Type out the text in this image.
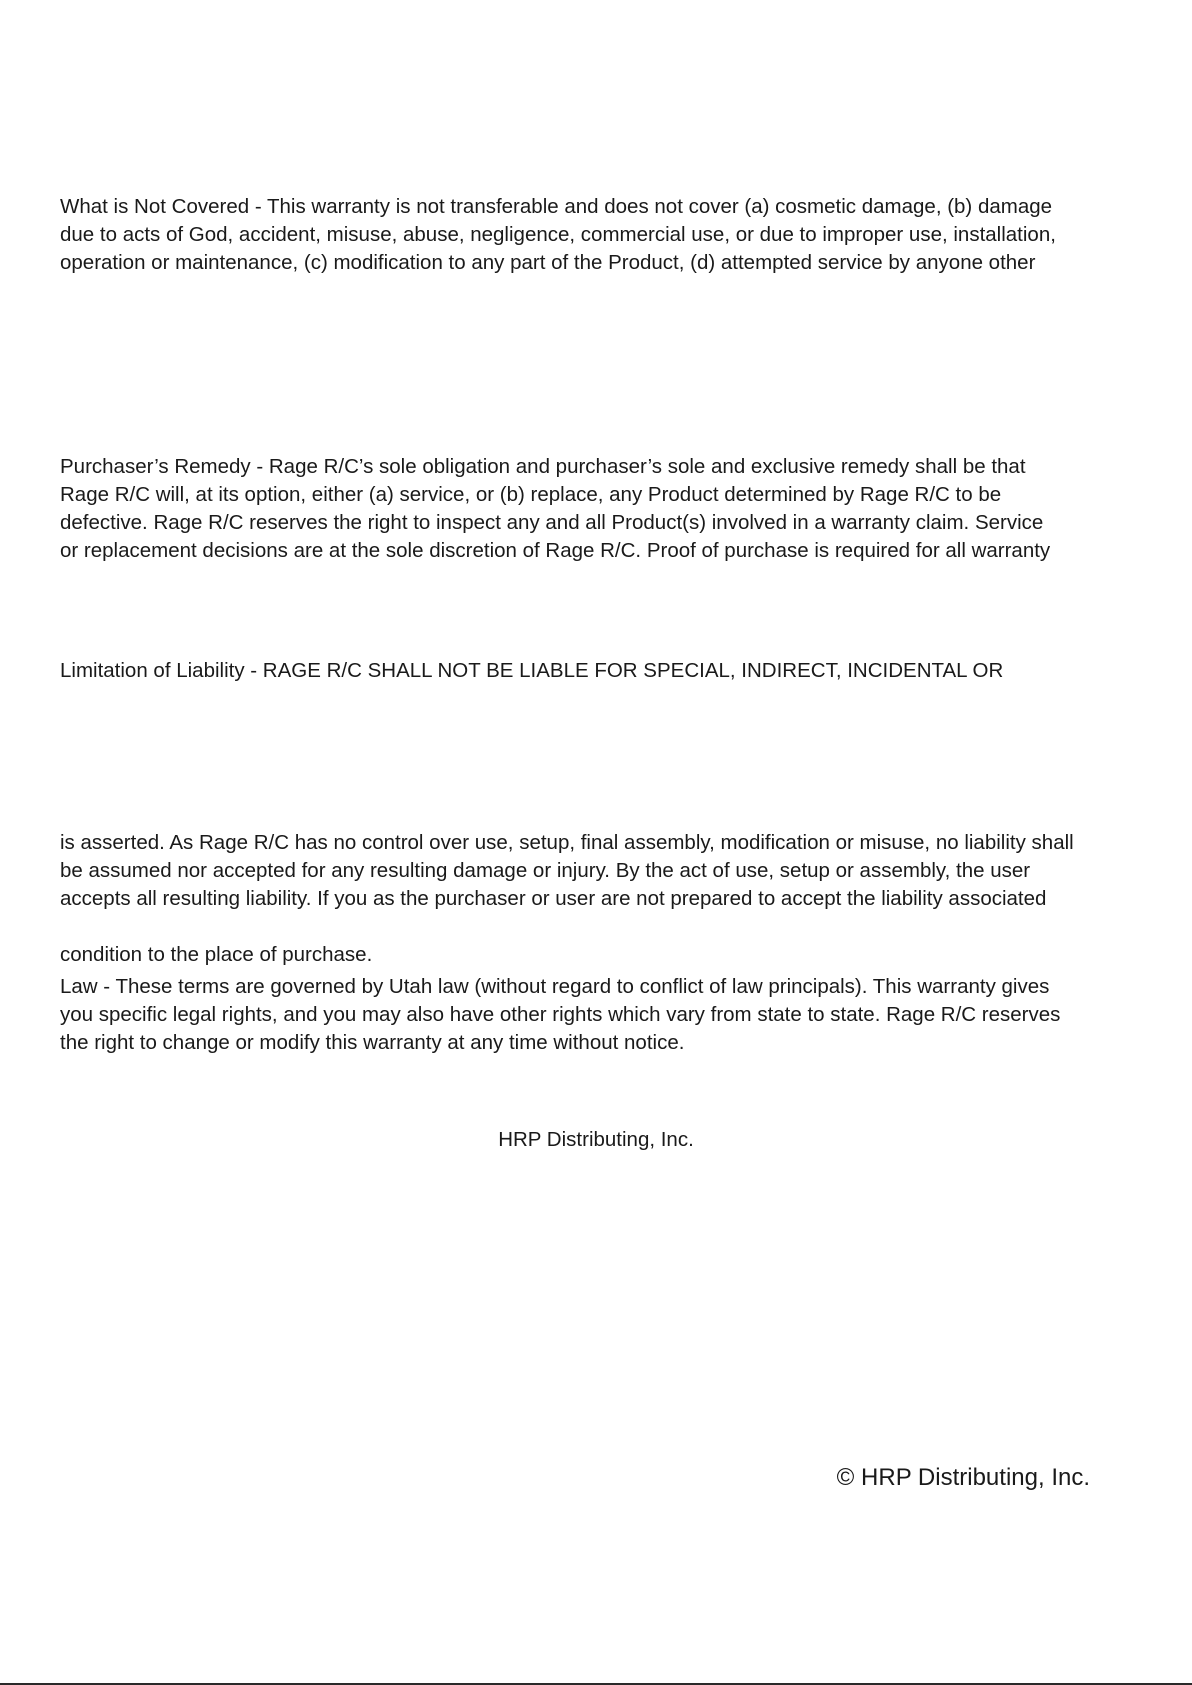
What is Not Covered - This warranty is not transferable and does not cover (a) cosmetic damage, (b) damage
due to acts of God, accident, misuse, abuse, negligence, commercial use, or due to improper use, installation,
operation or maintenance, (c) modification to any part of the Product, (d) attempted service by anyone other
Purchaser’s Remedy - Rage R/C’s sole obligation and purchaser’s sole and exclusive remedy shall be that
Rage R/C will, at its option, either (a) service, or (b) replace, any Product determined by Rage R/C to be
defective. Rage R/C reserves the right to inspect any and all Product(s) involved in a warranty claim. Service
or replacement decisions are at the sole discretion of Rage R/C. Proof of purchase is required for all warranty
Limitation of Liability - RAGE R/C SHALL NOT BE LIABLE FOR SPECIAL, INDIRECT, INCIDENTAL OR
is asserted. As Rage R/C has no control over use, setup, final assembly, modification or misuse, no liability shall
be assumed nor accepted for any resulting damage or injury. By the act of use, setup or assembly, the user
accepts all resulting liability. If you as the purchaser or user are not prepared to accept the liability associated
condition to the place of purchase.
Law - These terms are governed by Utah law (without regard to conflict of law principals). This warranty gives
you specific legal rights, and you may also have other rights which vary from state to state. Rage R/C reserves
the right to change or modify this warranty at any time without notice.
HRP Distributing, Inc.
© HRP Distributing, Inc.
